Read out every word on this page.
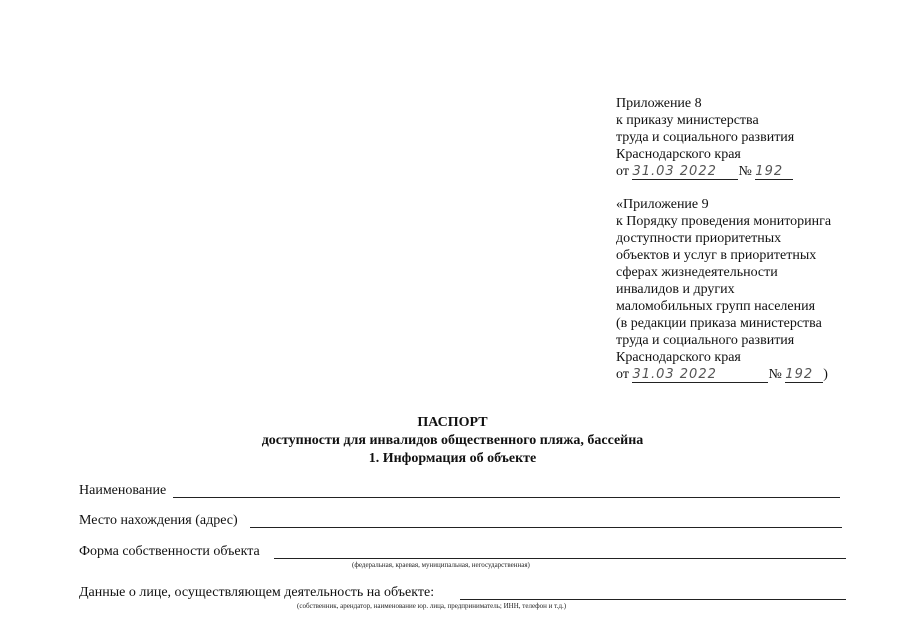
Приложение 8
к приказу министерства
труда и социального развития
Краснодарского края
от 31.03 2022 № 192
«Приложение 9
к Порядку проведения мониторинга
доступности приоритетных
объектов и услуг в приоритетных
сферах жизнедеятельности
инвалидов и других
маломобильных групп населения
(в редакции приказа министерства
труда и социального развития
Краснодарского края
от 31.03 2022	№ 192 )
ПАСПОРТ
доступности для инвалидов общественного пляжа, бассейна
1. Информация об объекте
Наименование
Место нахождения (адрес)
Форма собственности объекта
(федеральная, краевая, муниципальная, негосударственная)
Данные о лице, осуществляющем деятельность на объекте:
(собственник, арендатор, наименование юр. лица, предприниматель; ИНН, телефон и т.д.)
